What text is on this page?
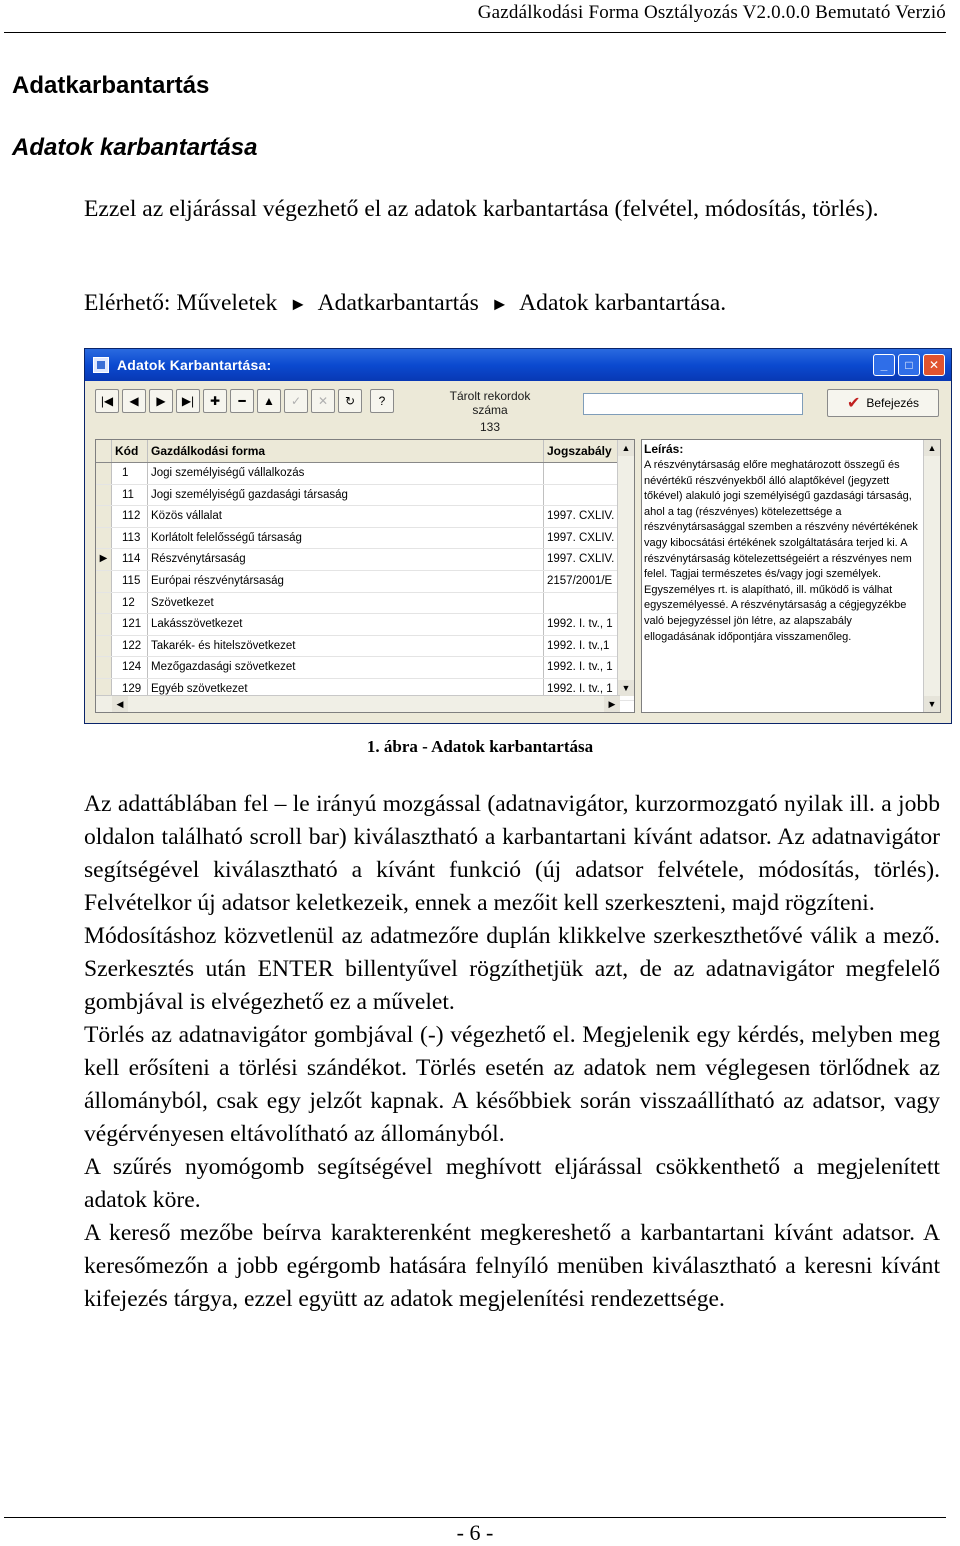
Gazdálkodási Forma Osztályozás V2.0.0.0 Bemutató Verzió
Adatkarbantartás
Adatok karbantartása
Ezzel az eljárással végezhető el az adatok karbantartása (felvétel, módosítás, törlés).
Elérhető: Műveletek ► Adatkarbantartás ► Adatok karbantartása.
Adatok Karbantartása:	_	□	✕
|◀	◀	▶	▶|	✚	━	▲	✓	✕	↻	?	Tárolt rekordok száma
133
✔ Befejezés
Kód	Gazdálkodási forma	Jogszabály
1	Jogi személyiségű vállalkozás
11	Jogi személyiségű gazdasági társaság
112 Közös vállalat	1997. CXLIV.
113 Korlátolt felelősségű társaság	1997. CXLIV.
▶	114 Részvénytársaság	1997. CXLIV.
115 Európai részvénytársaság	2157/2001/E
12	Szövetkezet
121 Lakásszövetkezet	1992. I. tv., 1
122 Takarék- és hitelszövetkezet	1992. I. tv.,1
124 Mezőgazdasági szövetkezet	1992. I. tv., 1
129 Egyéb szövetkezet	1992. I. tv., 1
▲
▼
◀	▶
Leírás:
A részvénytársaság előre meghatározott összegű és névértékű részvényekből álló alaptőkével (jegyzett tőkével) alakuló jogi személyiségű gazdasági társaság, ahol a tag (részvényes) kötelezettsége a részvénytársasággal szemben a részvény névértékének vagy kibocsátási értékének szolgáltatására terjed ki. A részvénytársaság kötelezettségeiért a részvényes nem felel. Tagjai természetes és/vagy jogi személyek. Egyszemélyes rt. is alapítható, ill. működő is válhat egyszemélyessé. A részvénytársaság a cégjegyzékbe való bejegyzéssel jön létre, az alapszabály ellogadásának időpontjára visszamenőleg.
▲
▼
1. ábra - Adatok karbantartása

Az adattáblában fel – le irányú mozgással (adatnavigátor, kurzormozgató nyilak ill. a jobb oldalon található scroll bar) kiválasztható a karbantartani kívánt adatsor. Az adatnavigátor segítségével kiválasztható a kívánt funkció (új adatsor felvétele, módosítás, törlés). Felvételkor új adatsor keletkezeik, ennek a mezőit kell szerkeszteni, majd rögzíteni.

Módosításhoz közvetlenül az adatmezőre duplán klikkelve szerkeszthetővé válik a mező. Szerkesztés után ENTER billentyűvel rögzíthetjük azt, de az adatnavigátor megfelelő gombjával is elvégezhető ez a művelet.

Törlés az adatnavigátor gombjával (-) végezhető el. Megjelenik egy kérdés, melyben meg kell erősíteni a törlési szándékot. Törlés esetén az adatok nem véglegesen törlődnek az állományból, csak egy jelzőt kapnak. A későbbiek során visszaállítható az adatsor, vagy végérvényesen eltávolítható az állományból.

A szűrés nyomógomb segítségével meghívott eljárással csökkenthető a megjelenített adatok köre.

A kereső mezőbe beírva karakterenként megkereshető a karbantartani kívánt adatsor. A keresőmezőn a jobb egérgomb hatására felnyíló menüben kiválasztható a keresni kívánt kifejezés tárgya, ezzel együtt az adatok megjelenítési rendezettsége.

- 6 -
